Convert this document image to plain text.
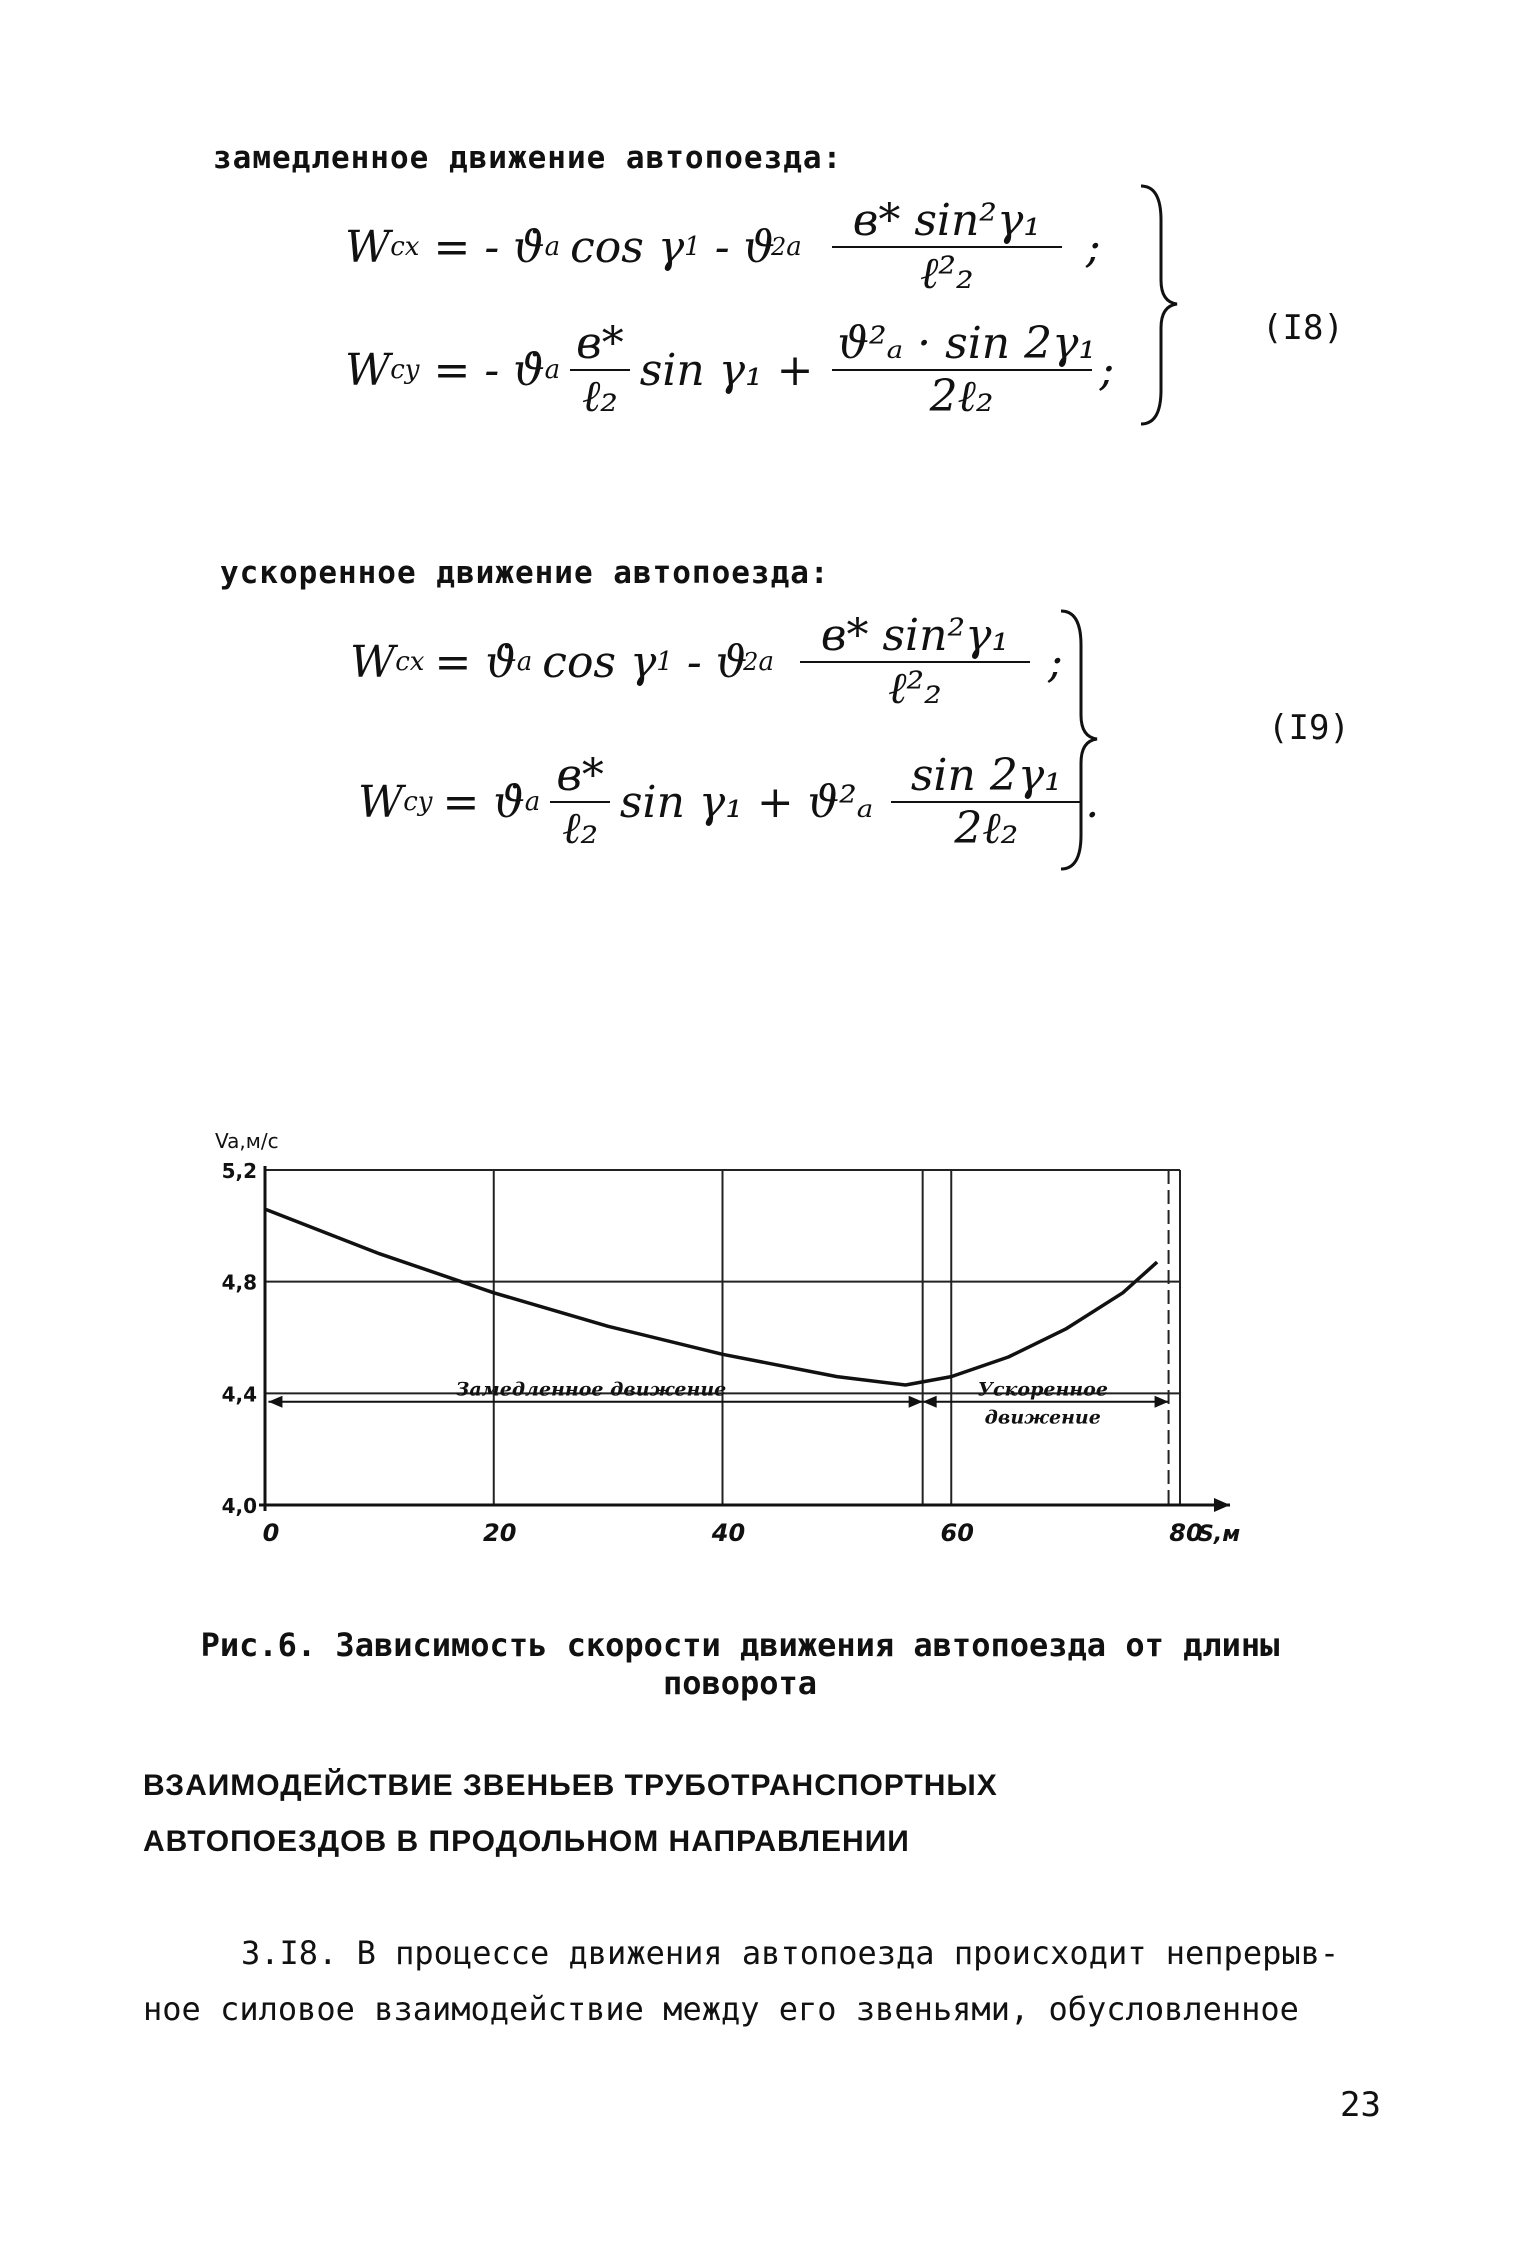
замедленное движение автопоезда:
W cx = - ϑ̇ a cos γ 1 - ϑ
2 a $\frac{\text{в* sin²γ₁}}{\text{ℓ²₂}}$ ;
W cy = - ϑ̇ a $\frac{в*}{\text{ℓ₂}}$ $\sin \gamma_1 + \frac{\text{ϑ²ₐ · sin 2γ₁}}{\text{2ℓ₂}}$ ;
(I8)
ускоренное движение автопоезда:
W cx = ϑ̇ a cos γ 1 - ϑ
2 a $\frac{\text{в* sin²γ₁}}{\text{ℓ²₂}}$ ;
W cy = ϑ̇ a $\frac{в*}{\text{ℓ₂}}$ $\sin \gamma_1 + ϑ^2_a \frac{\text{sin 2γ₁}}{\text{2ℓ₂}}$ .
(I9)
Замедленное движение	Ускоренное
движение
0	20	40	60	80
4,0
4,4
4,8
5,2
Va,м/с
S,м
Рис.6. Зависимость скорости движения автопоезда от длины
поворота
ВЗАИМОДЕЙСТВИЕ ЗВЕНЬЕВ ТРУБОТРАНСПОРТНЫХ
АВТОПОЕЗДОВ В ПРОДОЛЬНОМ НАПРАВЛЕНИИ
3.I8. В процессе движения автопоезда происходит непрерыв-
ное силовое взаимодействие между его звеньями, обусловленное
23
